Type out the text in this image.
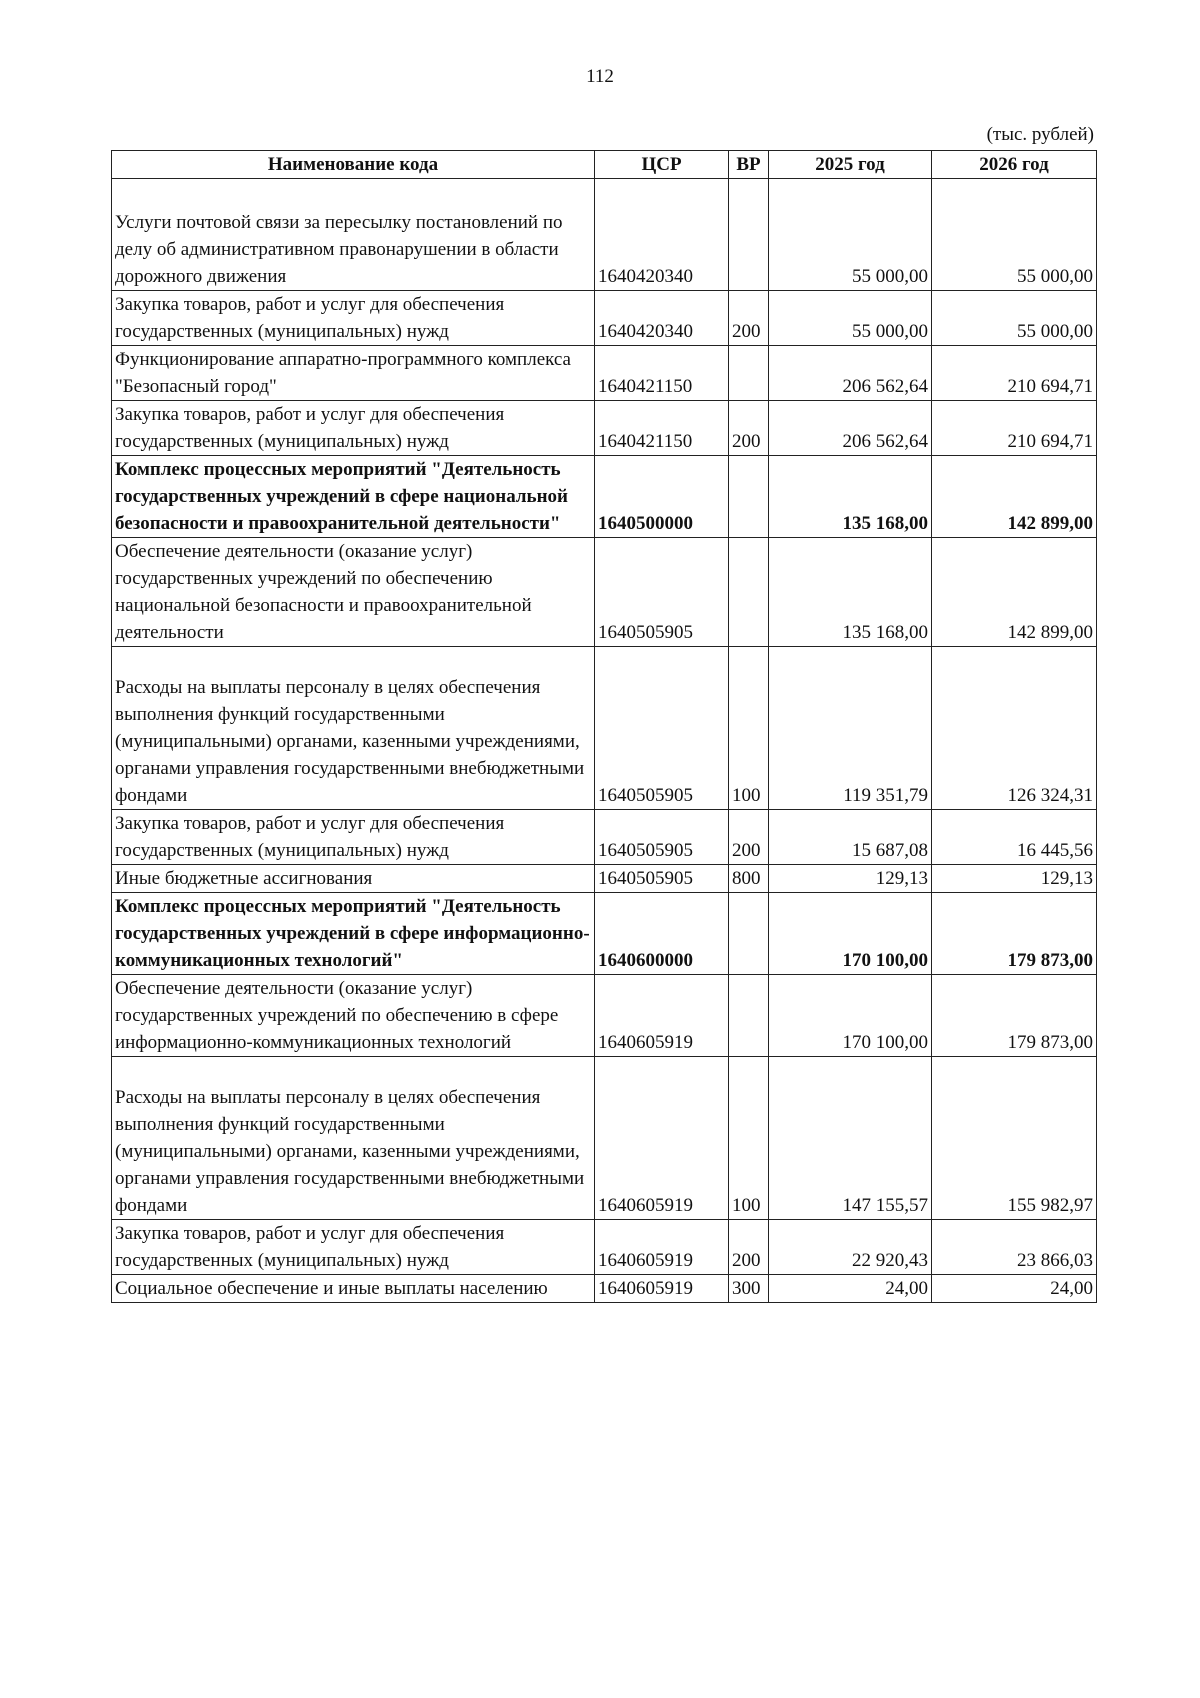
112
(тыс. рублей)
Наименование кода	ЦСР	ВР	2025 год	2026 год
Услуги почтовой связи за пересылку постановлений по делу об административном правонарушении в области дорожного движения	1640420340		55 000,00	55 000,00
Закупка товаров, работ и услуг для обеспечения государственных (муниципальных) нужд	1640420340	200	55 000,00	55 000,00
Функционирование аппаратно-программного комплекса "Безопасный город"	1640421150		206 562,64	210 694,71
Закупка товаров, работ и услуг для обеспечения государственных (муниципальных) нужд	1640421150	200	206 562,64	210 694,71
Комплекс процессных мероприятий "Деятельность государственных учреждений в сфере национальной безопасности и правоохранительной деятельности"	1640500000		135 168,00	142 899,00
Обеспечение деятельности (оказание услуг) государственных учреждений по обеспечению национальной безопасности и правоохранительной деятельности	1640505905		135 168,00	142 899,00
Расходы на выплаты персоналу в целях обеспечения выполнения функций государственными (муниципальными) органами, казенными учреждениями, органами управления государственными внебюджетными фондами	1640505905	100	119 351,79	126 324,31
Закупка товаров, работ и услуг для обеспечения государственных (муниципальных) нужд	1640505905	200	15 687,08	16 445,56
Иные бюджетные ассигнования	1640505905	800	129,13	129,13
Комплекс процессных мероприятий "Деятельность государственных учреждений в сфере информационно-коммуникационных технологий"	1640600000		170 100,00	179 873,00
Обеспечение деятельности (оказание услуг) государственных учреждений по обеспечению в сфере информационно-коммуникационных технологий	1640605919		170 100,00	179 873,00
Расходы на выплаты персоналу в целях обеспечения выполнения функций государственными (муниципальными) органами, казенными учреждениями, органами управления государственными внебюджетными фондами	1640605919	100	147 155,57	155 982,97
Закупка товаров, работ и услуг для обеспечения государственных (муниципальных) нужд	1640605919	200	22 920,43	23 866,03
Социальное обеспечение и иные выплаты населению	1640605919	300	24,00	24,00
